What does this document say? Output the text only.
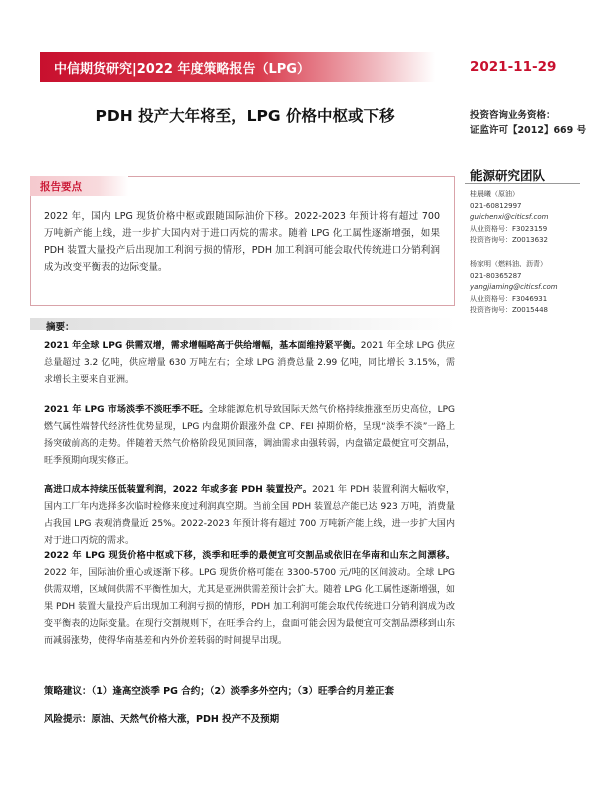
中信期货研究|2022 年度策略报告（LPG）	2021-11-29
PDH 投产大年将至，LPG 价格中枢或下移	投资咨询业务资格：
证监许可【2012】669 号
能源研究团队
桂晨曦（原油）
021-60812997
guichenxi@citicsf.com
从业资格号：F3023159
投资咨询号：Z0013632
杨家明（燃料油、沥青）
021-80365287
yangjiaming@citicsf.com
从业资格号：F3046931
投资咨询号：Z0015448
报告要点
2022 年，国内 LPG 现货价格中枢或跟随国际油价下移。2022-2023 年预计将有超过 700 万吨新产能上线，进一步扩大国内对于进口丙烷的需求。随着 LPG 化工属性逐渐增强，如果 PDH 装置大量投产后出现加工利润亏损的情形，PDH 加工利润可能会取代传统进口分销利润成为改变平衡表的边际变量。
摘要：
2021 年全球 LPG 供需双增，需求增幅略高于供给增幅，基本面维持紧平衡。2021 年全球 LPG 供应总量超过 3.2 亿吨，供应增量 630 万吨左右；全球 LPG 消费总量 2.99 亿吨，同比增长 3.15%，需求增长主要来自亚洲。
2021 年 LPG 市场淡季不淡旺季不旺。全球能源危机导致国际天然气价格持续推涨至历史高位，LPG 燃气属性端替代经济性优势显现，LPG 内盘期价跟涨外盘 CP、FEI 掉期价格，呈现“淡季不淡”一路上扬突破前高的走势。伴随着天然气价格阶段见顶回落，调油需求由强转弱，内盘锚定最便宜可交割品，旺季预期向现实修正。
高进口成本持续压低装置利润，2022 年或多套 PDH 装置投产。2021 年 PDH 装置利润大幅收窄，国内工厂年内选择多次临时检修来度过利润真空期。当前全国 PDH 装置总产能已达 923 万吨，消费量占我国 LPG 表观消费量近 25%。2022-2023 年预计将有超过 700 万吨新产能上线，进一步扩大国内对于进口丙烷的需求。
2022 年 LPG 现货价格中枢或下移，淡季和旺季的最便宜可交割品或依旧在华南和山东之间漂移。2022 年，国际油价重心或逐渐下移。LPG 现货价格可能在 3300-5700 元/吨的区间波动。全球 LPG 供需双增，区域间供需不平衡性加大，尤其是亚洲供需差预计会扩大。随着 LPG 化工属性逐渐增强，如果 PDH 装置大量投产后出现加工利润亏损的情形，PDH 加工利润可能会取代传统进口分销利润成为改变平衡表的边际变量。在现行交割规则下，在旺季合约上，盘面可能会因为最便宜可交割品漂移到山东而减弱涨势，使得华南基差和内外价差转弱的时间提早出现。
策略建议：（1）逢高空淡季 PG 合约；（2）淡季多外空内；（3）旺季合约月差正套
风险提示：原油、天然气价格大涨，PDH 投产不及预期
